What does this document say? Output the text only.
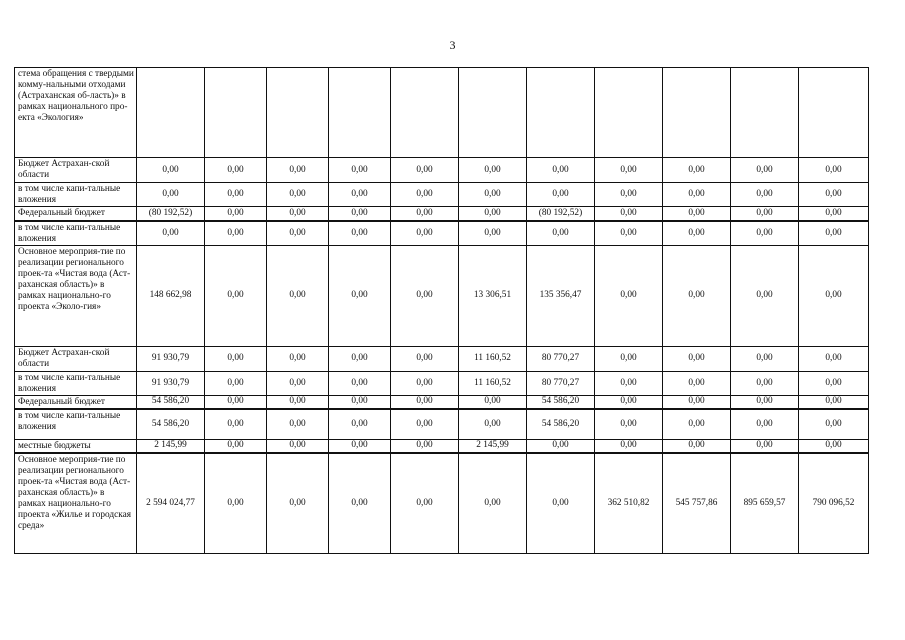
3
стема обращения с твердыми комму-нальными отходами (Астраханская об-ласть)» в рамках национального про-екта «Экология»											
Бюджет Астрахан-ской области	0,00	0,00	0,00	0,00	0,00	0,00	0,00	0,00	0,00	0,00	0,00
в том числе капи-тальные вложения	0,00	0,00	0,00	0,00	0,00	0,00	0,00	0,00	0,00	0,00	0,00
Федеральный бюджет	(80 192,52)	0,00	0,00	0,00	0,00	0,00	(80 192,52)	0,00	0,00	0,00	0,00
в том числе капи-тальные вложения	0,00	0,00	0,00	0,00	0,00	0,00	0,00	0,00	0,00	0,00	0,00
Основное мероприя-тие по реализации регионального проек-та «Чистая вода (Аст-раханская область)» в рамках национально-го проекта «Эколо-гия»	148 662,98	0,00	0,00	0,00	0,00	13 306,51	135 356,47	0,00	0,00	0,00	0,00
Бюджет Астрахан-ской области	91 930,79	0,00	0,00	0,00	0,00	11 160,52	80 770,27	0,00	0,00	0,00	0,00
в том числе капи-тальные вложения	91 930,79	0,00	0,00	0,00	0,00	11 160,52	80 770,27	0,00	0,00	0,00	0,00
Федеральный бюджет	54 586,20	0,00	0,00	0,00	0,00	0,00	54 586,20	0,00	0,00	0,00	0,00
в том числе капи-тальные вложения	54 586,20	0,00	0,00	0,00	0,00	0,00	54 586,20	0,00	0,00	0,00	0,00
местные бюджеты	2 145,99	0,00	0,00	0,00	0,00	2 145,99	0,00	0,00	0,00	0,00	0,00
Основное мероприя-тие по реализации регионального проек-та «Чистая вода (Аст-раханская область)» в рамках национально-го проекта «Жилье и городская среда»	2 594 024,77	0,00	0,00	0,00	0,00	0,00	0,00	362 510,82	545 757,86	895 659,57	790 096,52
